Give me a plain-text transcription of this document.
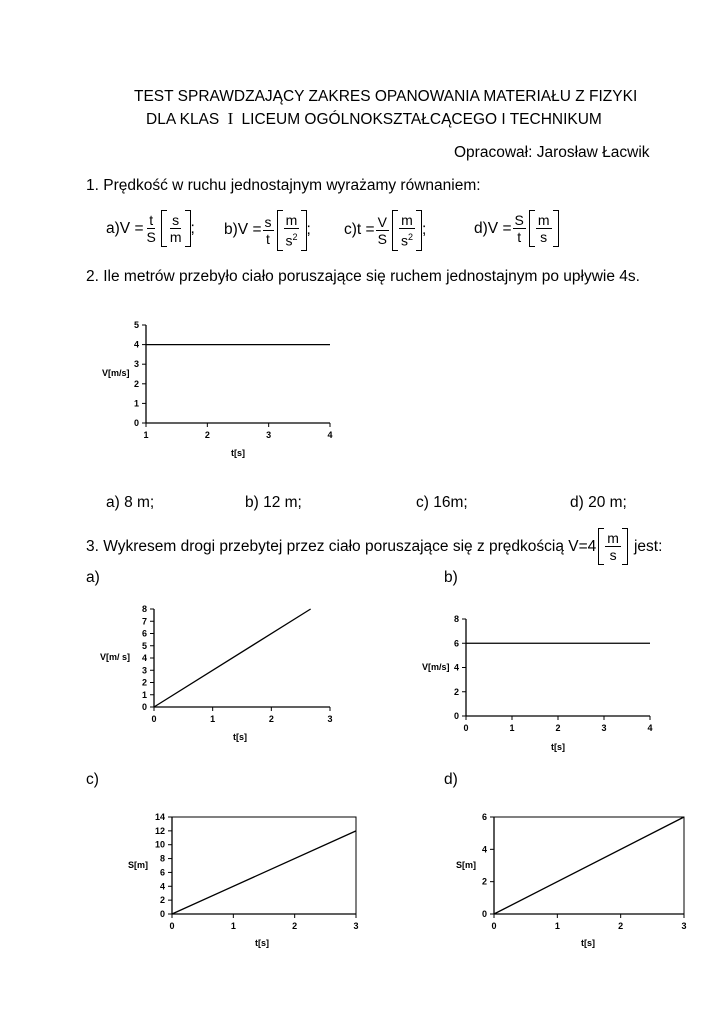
TEST SPRAWDZAJĄCY ZAKRES OPANOWANIA MATERIAŁU Z FIZYKI
DLA KLAS I LICEUM OGÓLNOKSZTAŁCĄCEGO I TECHNIKUM
Opracował: Jarosław Łacwik
1. Prędkość w ruchu jednostajnym wyrażamy równaniem:
a) $V = \frac{t}{S} \frac{s}{m}$ ; b) $V = \frac{s}{t} \frac{m}{s^2}$ ; c) $t = \frac{V}{S} \frac{m}{s^2}$ ;	d) $V = \frac{S}{t} \frac{m}{s}$
2. Ile metrów przebyło ciało poruszające się ruchem jednostajnym po upływie 4s.
0
1
2
3
4
5
1	2	3	4
V[m/s]
t[s]
a) 8 m;	b) 12 m;	c) 16m;	d) 20 m;
3. Wykresem drogi przebytej przez ciało poruszające się z prędkością $V=4 \frac{m}{s}$ jest:
a)	b)
c)	d)
0
1
2
3
4
5
6
7
8
0	1	2	3
V[m/ s]
t[s]
0
2
4
6
8
0	1	2	3	4
V[m/s]
t[s]
0
2
4
6
8
10
12
14
0	1	2	3
S[m]
t[s]
0
2
4
6
0	1	2	3
S[m]
t[s]
